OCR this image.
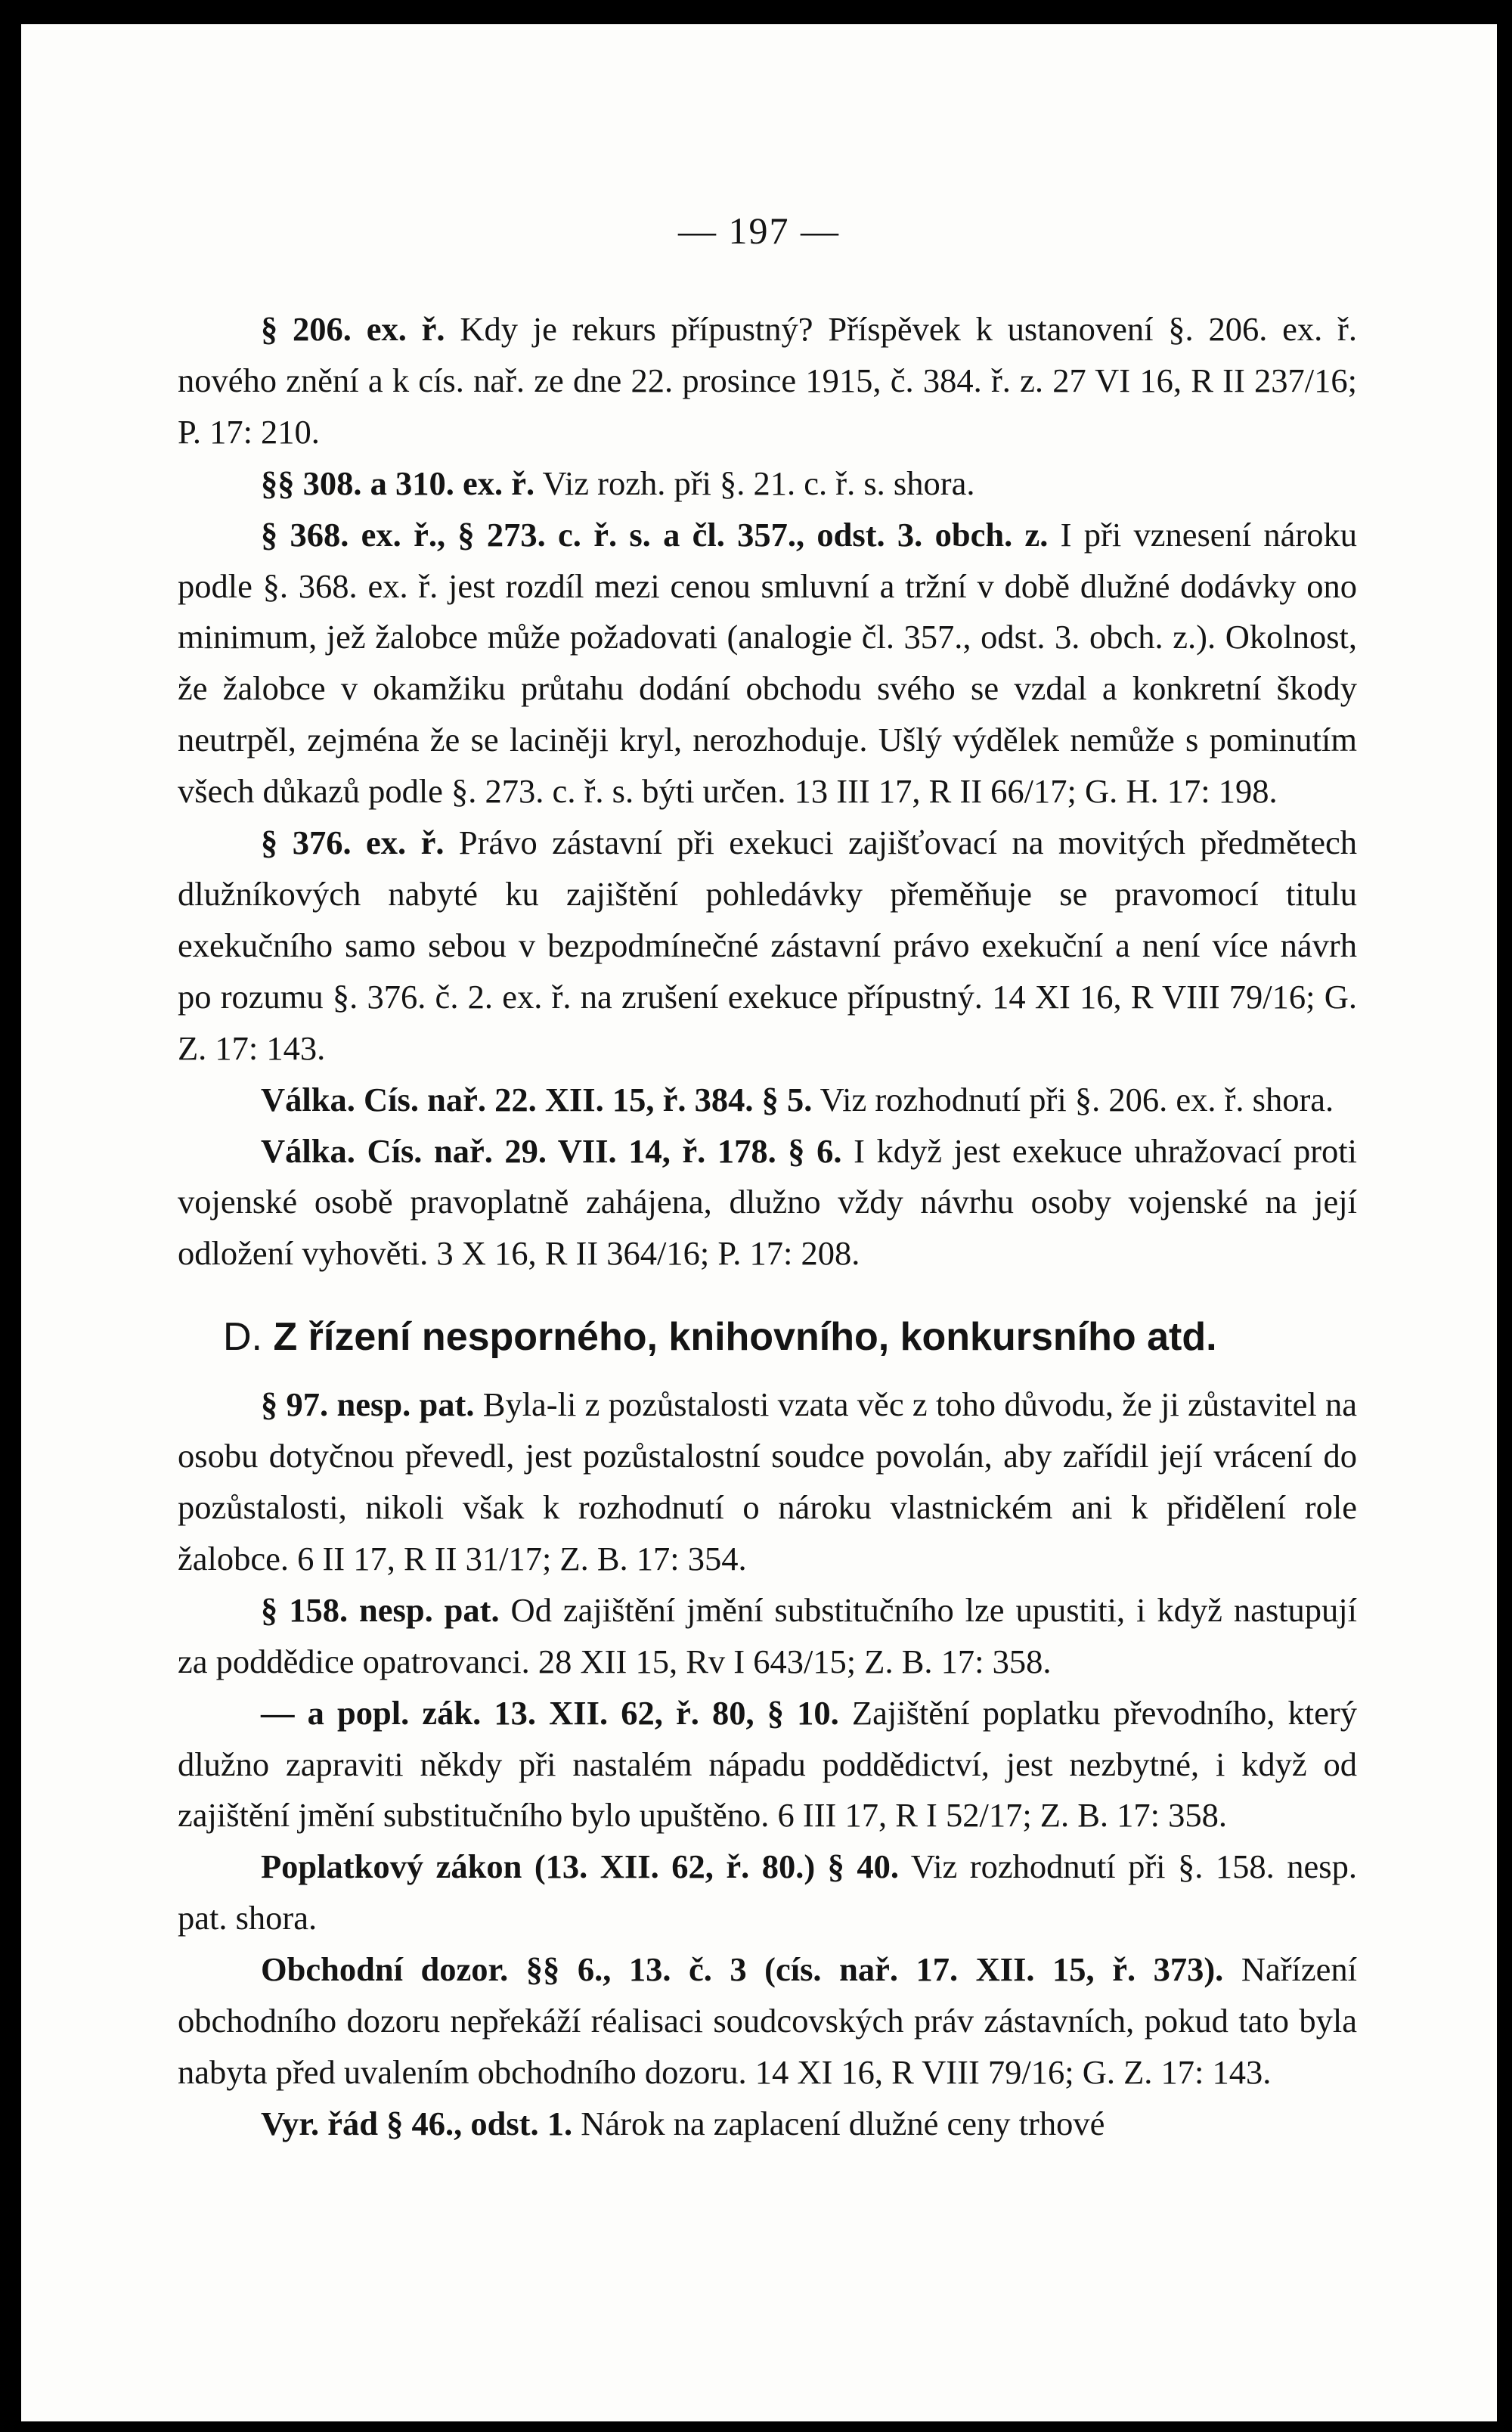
— 197 —

§ 206. ex. ř. Kdy je rekurs přípustný? Příspěvek k ustanovení §. 206. ex. ř. nového znění a k cís. nař. ze dne 22. prosince 1915, č. 384. ř. z. 27 VI 16, R II 237/16; P. 17: 210.

§§ 308. a 310. ex. ř. Viz rozh. při §. 21. c. ř. s. shora.

§ 368. ex. ř., § 273. c. ř. s. a čl. 357., odst. 3. obch. z. I při vznesení nároku podle §. 368. ex. ř. jest rozdíl mezi cenou smluvní a tržní v době dlužné dodávky ono minimum, jež žalobce může požadovati (analogie čl. 357., odst. 3. obch. z.). Okolnost, že žalobce v okamžiku průtahu dodání obchodu svého se vzdal a konkretní škody neutrpěl, zejména že se laciněji kryl, nerozhoduje. Ušlý výdělek nemůže s pominutím všech důkazů podle §. 273. c. ř. s. býti určen. 13 III 17, R II 66/17; G. H. 17: 198.

§ 376. ex. ř. Právo zástavní při exekuci zajišťovací na movitých předmětech dlužníkových nabyté ku zajištění pohledávky přeměňuje se pravomocí titulu exekučního samo sebou v bezpodmínečné zástavní právo exekuční a není více návrh po rozumu §. 376. č. 2. ex. ř. na zrušení exekuce přípustný. 14 XI 16, R VIII 79/16; G. Z. 17: 143.

Válka. Cís. nař. 22. XII. 15, ř. 384. § 5. Viz rozhodnutí při §. 206. ex. ř. shora.

Válka. Cís. nař. 29. VII. 14, ř. 178. § 6. I když jest exekuce uhražovací proti vojenské osobě pravoplatně zahájena, dlužno vždy návrhu osoby vojenské na její odložení vyhověti. 3 X 16, R II 364/16; P. 17: 208.

D. Z řízení nesporného, knihovního, konkursního atd.

§ 97. nesp. pat. Byla-li z pozůstalosti vzata věc z toho důvodu, že ji zůstavitel na osobu dotyčnou převedl, jest pozůstalostní soudce povolán, aby zařídil její vrácení do pozůstalosti, nikoli však k rozhodnutí o nároku vlastnickém ani k přidělení role žalobce. 6 II 17, R II 31/17; Z. B. 17: 354.

§ 158. nesp. pat. Od zajištění jmění substitučního lze upustiti, i když nastupují za poddědice opatrovanci. 28 XII 15, Rv I 643/15; Z. B. 17: 358.

— a popl. zák. 13. XII. 62, ř. 80, § 10. Zajištění poplatku převodního, který dlužno zapraviti někdy při nastalém nápadu poddědictví, jest nezbytné, i když od zajištění jmění substitučního bylo upuštěno. 6 III 17, R I 52/17; Z. B. 17: 358.

Poplatkový zákon (13. XII. 62, ř. 80.) § 40. Viz rozhodnutí při §. 158. nesp. pat. shora.

Obchodní dozor. §§ 6., 13. č. 3 (cís. nař. 17. XII. 15, ř. 373). Nařízení obchodního dozoru nepřekáží réalisaci soudcovských práv zástavních, pokud tato byla nabyta před uvalením obchodního dozoru. 14 XI 16, R VIII 79/16; G. Z. 17: 143.

Vyr. řád § 46., odst. 1. Nárok na zaplacení dlužné ceny trhové
